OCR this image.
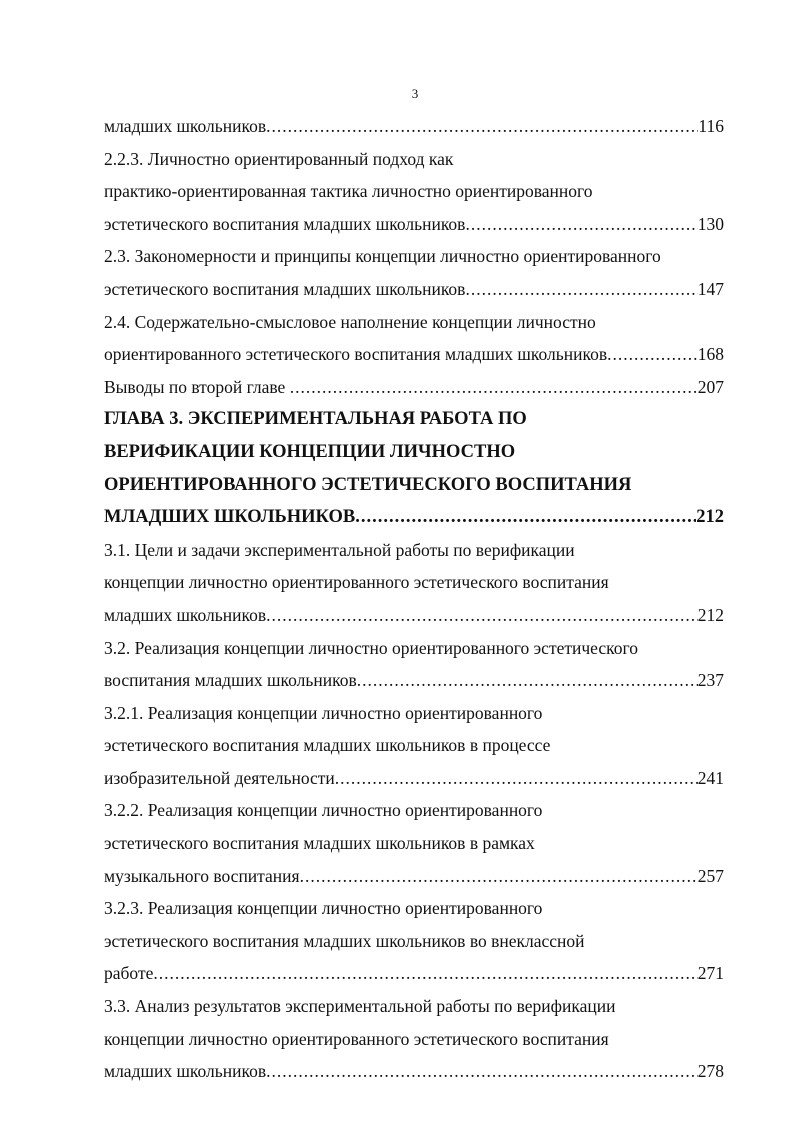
3
младших школьников .....	116
2.2.3. Личностно ориентированный подход как
практико-ориентированная тактика личностно ориентированного
эстетического воспитания младших школьников .....	130
2.3. Закономерности и принципы концепции личностно ориентированного
эстетического воспитания младших школьников .....	147
2.4. Содержательно-смысловое наполнение концепции личностно
ориентированного эстетического воспитания младших школьников .....	168
Выводы по второй главе .....	207
ГЛАВА 3. ЭКСПЕРИМЕНТАЛЬНАЯ РАБОТА ПО
ВЕРИФИКАЦИИ КОНЦЕПЦИИ ЛИЧНОСТНО
ОРИЕНТИРОВАННОГО ЭСТЕТИЧЕСКОГО ВОСПИТАНИЯ
МЛАДШИХ ШКОЛЬНИКОВ .....	212
3.1. Цели и задачи экспериментальной работы по верификации
концепции личностно ориентированного эстетического воспитания
младших школьников .....	212
3.2. Реализация концепции личностно ориентированного эстетического
воспитания младших школьников .....	237
3.2.1. Реализация концепции личностно ориентированного
эстетического воспитания младших школьников в процессе
изобразительной деятельности .....	241
3.2.2. Реализация концепции личностно ориентированного
эстетического воспитания младших школьников в рамках
музыкального воспитания .....	257
3.2.3. Реализация концепции личностно ориентированного
эстетического воспитания младших школьников во внеклассной
работе .....	271
3.3. Анализ результатов экспериментальной работы по верификации
концепции личностно ориентированного эстетического воспитания
младших школьников .....	278
